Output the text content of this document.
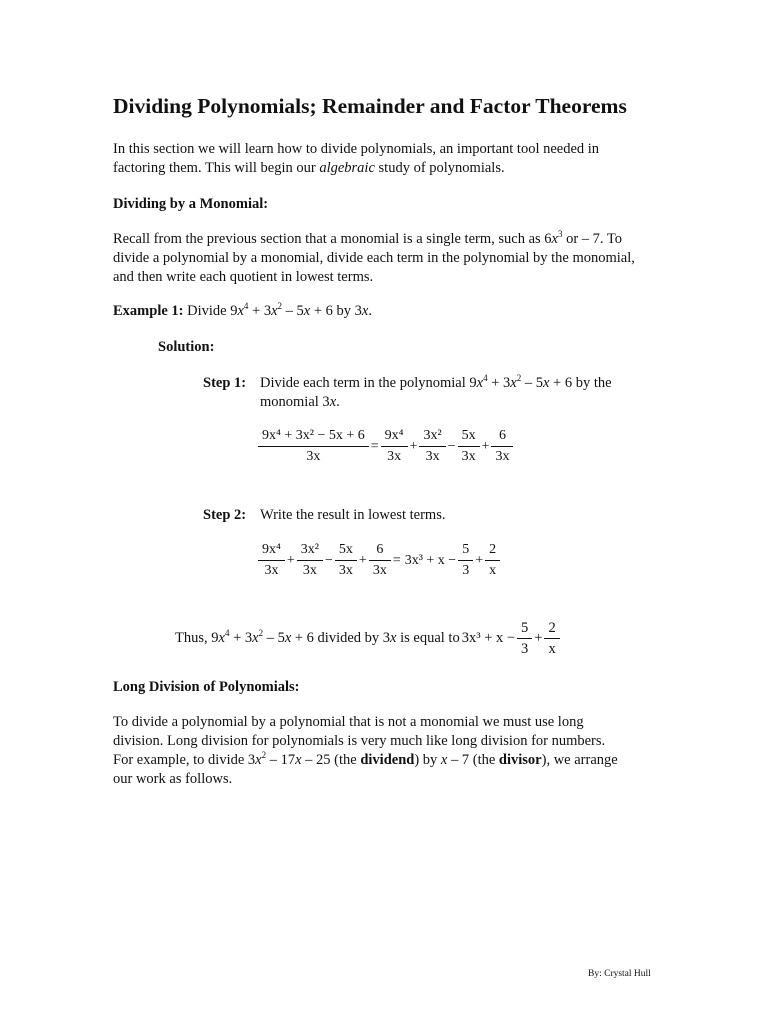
Dividing Polynomials; Remainder and Factor Theorems

In this section we will learn how to divide polynomials, an important tool needed in
factoring them. This will begin our algebraic study of polynomials.

Dividing by a Monomial:

Recall from the previous section that a monomial is a single term, such as $6x^3$ or – 7. To
divide a polynomial by a monomial, divide each term in the polynomial by the monomial,
and then write each quotient in lowest terms.

Example 1: Divide $9x^4 + 3x^2 - 5x + 6$ by 3x.

Solution:

Step 1: Divide each term in the polynomial $9x^4 + 3x^2 - 5x + 6$ by the
monomial 3x.

$\frac{\text{9x⁴ + 3x² − 5x + 6}}{3x} = \frac{\text{9x⁴}}{3x} + \frac{\text{3x²}}{3x} - \frac{5x}{3x} + \frac{6}{3x}$
Step 2: Write the result in lowest terms.
$\frac{\text{9x⁴}}{3x} + \frac{\text{3x²}}{3x} - \frac{5x}{3x} + \frac{6}{3x} = 3x^3 + x - \frac{5}{3} + \frac{2}{x}$
Thus, $9x^4 + 3x^2 - 5x + 6$ divided by 3x is equal to $3x^3 + x - \frac{5}{3} + \frac{2}{x}$

Long Division of Polynomials:

To divide a polynomial by a polynomial that is not a monomial we must use long
division. Long division for polynomials is very much like long division for numbers.
For example, to divide $3x^2 - 17x - 25$ (the dividend) by x – 7 (the divisor), we arrange
our work as follows.

By: Crystal Hull
